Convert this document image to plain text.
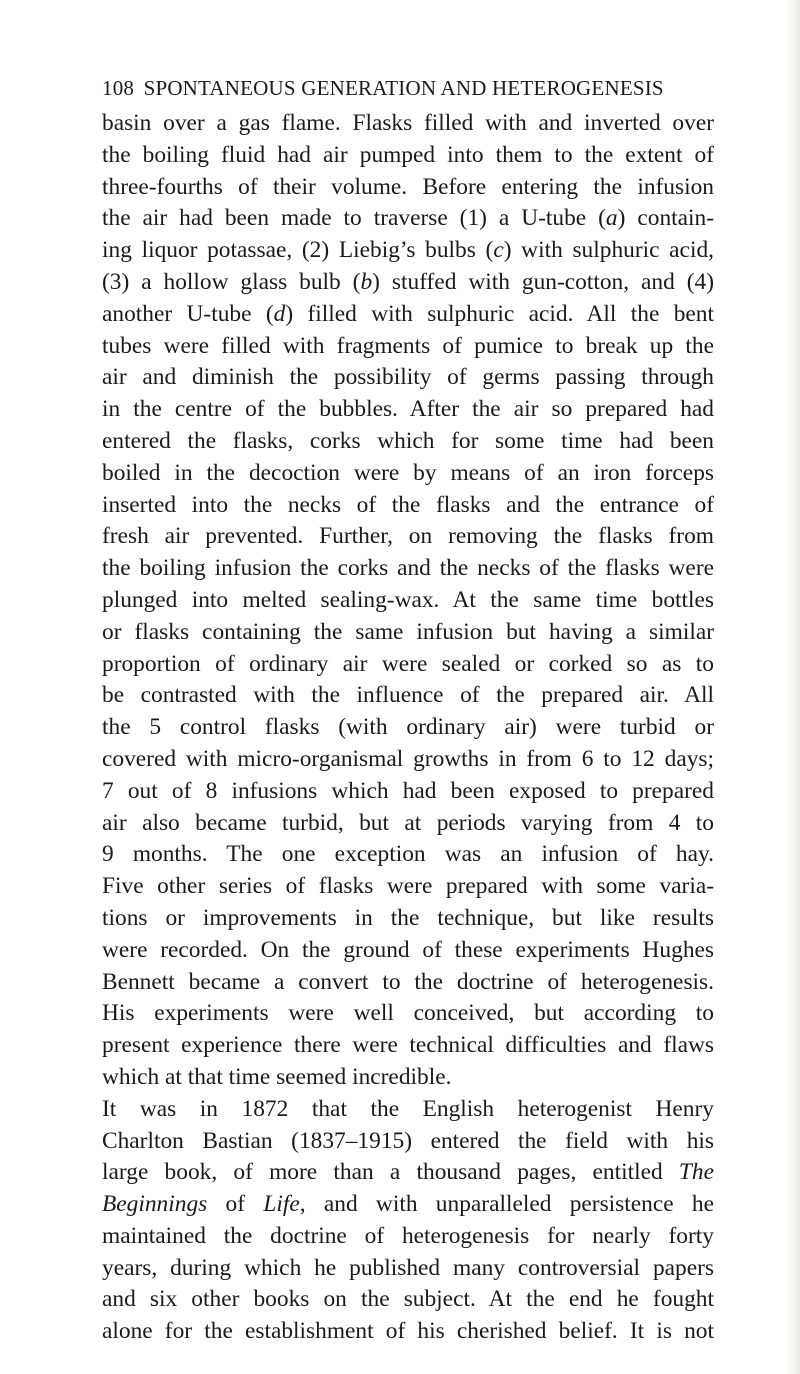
108 SPONTANEOUS GENERATION AND HETEROGENESIS
basin over a gas flame. Flasks filled with and inverted over
the boiling fluid had air pumped into them to the extent of
three-fourths of their volume. Before entering the infusion
the air had been made to traverse (1) a U-tube (a) contain-
ing liquor potassae, (2) Liebig’s bulbs (c) with sulphuric acid,
(3) a hollow glass bulb (b) stuffed with gun-cotton, and (4)
another U-tube (d) filled with sulphuric acid. All the bent
tubes were filled with fragments of pumice to break up the
air and diminish the possibility of germs passing through
in the centre of the bubbles. After the air so prepared had
entered the flasks, corks which for some time had been
boiled in the decoction were by means of an iron forceps
inserted into the necks of the flasks and the entrance of
fresh air prevented. Further, on removing the flasks from
the boiling infusion the corks and the necks of the flasks were
plunged into melted sealing-wax. At the same time bottles
or flasks containing the same infusion but having a similar
proportion of ordinary air were sealed or corked so as to
be contrasted with the influence of the prepared air. All
the 5 control flasks (with ordinary air) were turbid or
covered with micro-organismal growths in from 6 to 12 days;
7 out of 8 infusions which had been exposed to prepared
air also became turbid, but at periods varying from 4 to
9 months. The one exception was an infusion of hay.
Five other series of flasks were prepared with some varia-
tions or improvements in the technique, but like results
were recorded. On the ground of these experiments Hughes
Bennett became a convert to the doctrine of heterogenesis.
His experiments were well conceived, but according to
present experience there were technical difficulties and flaws
which at that time seemed incredible.
It was in 1872 that the English heterogenist Henry
Charlton Bastian (1837–1915) entered the field with his
large book, of more than a thousand pages, entitled The
Beginnings of Life, and with unparalleled persistence he
maintained the doctrine of heterogenesis for nearly forty
years, during which he published many controversial papers
and six other books on the subject. At the end he fought
alone for the establishment of his cherished belief. It is not
